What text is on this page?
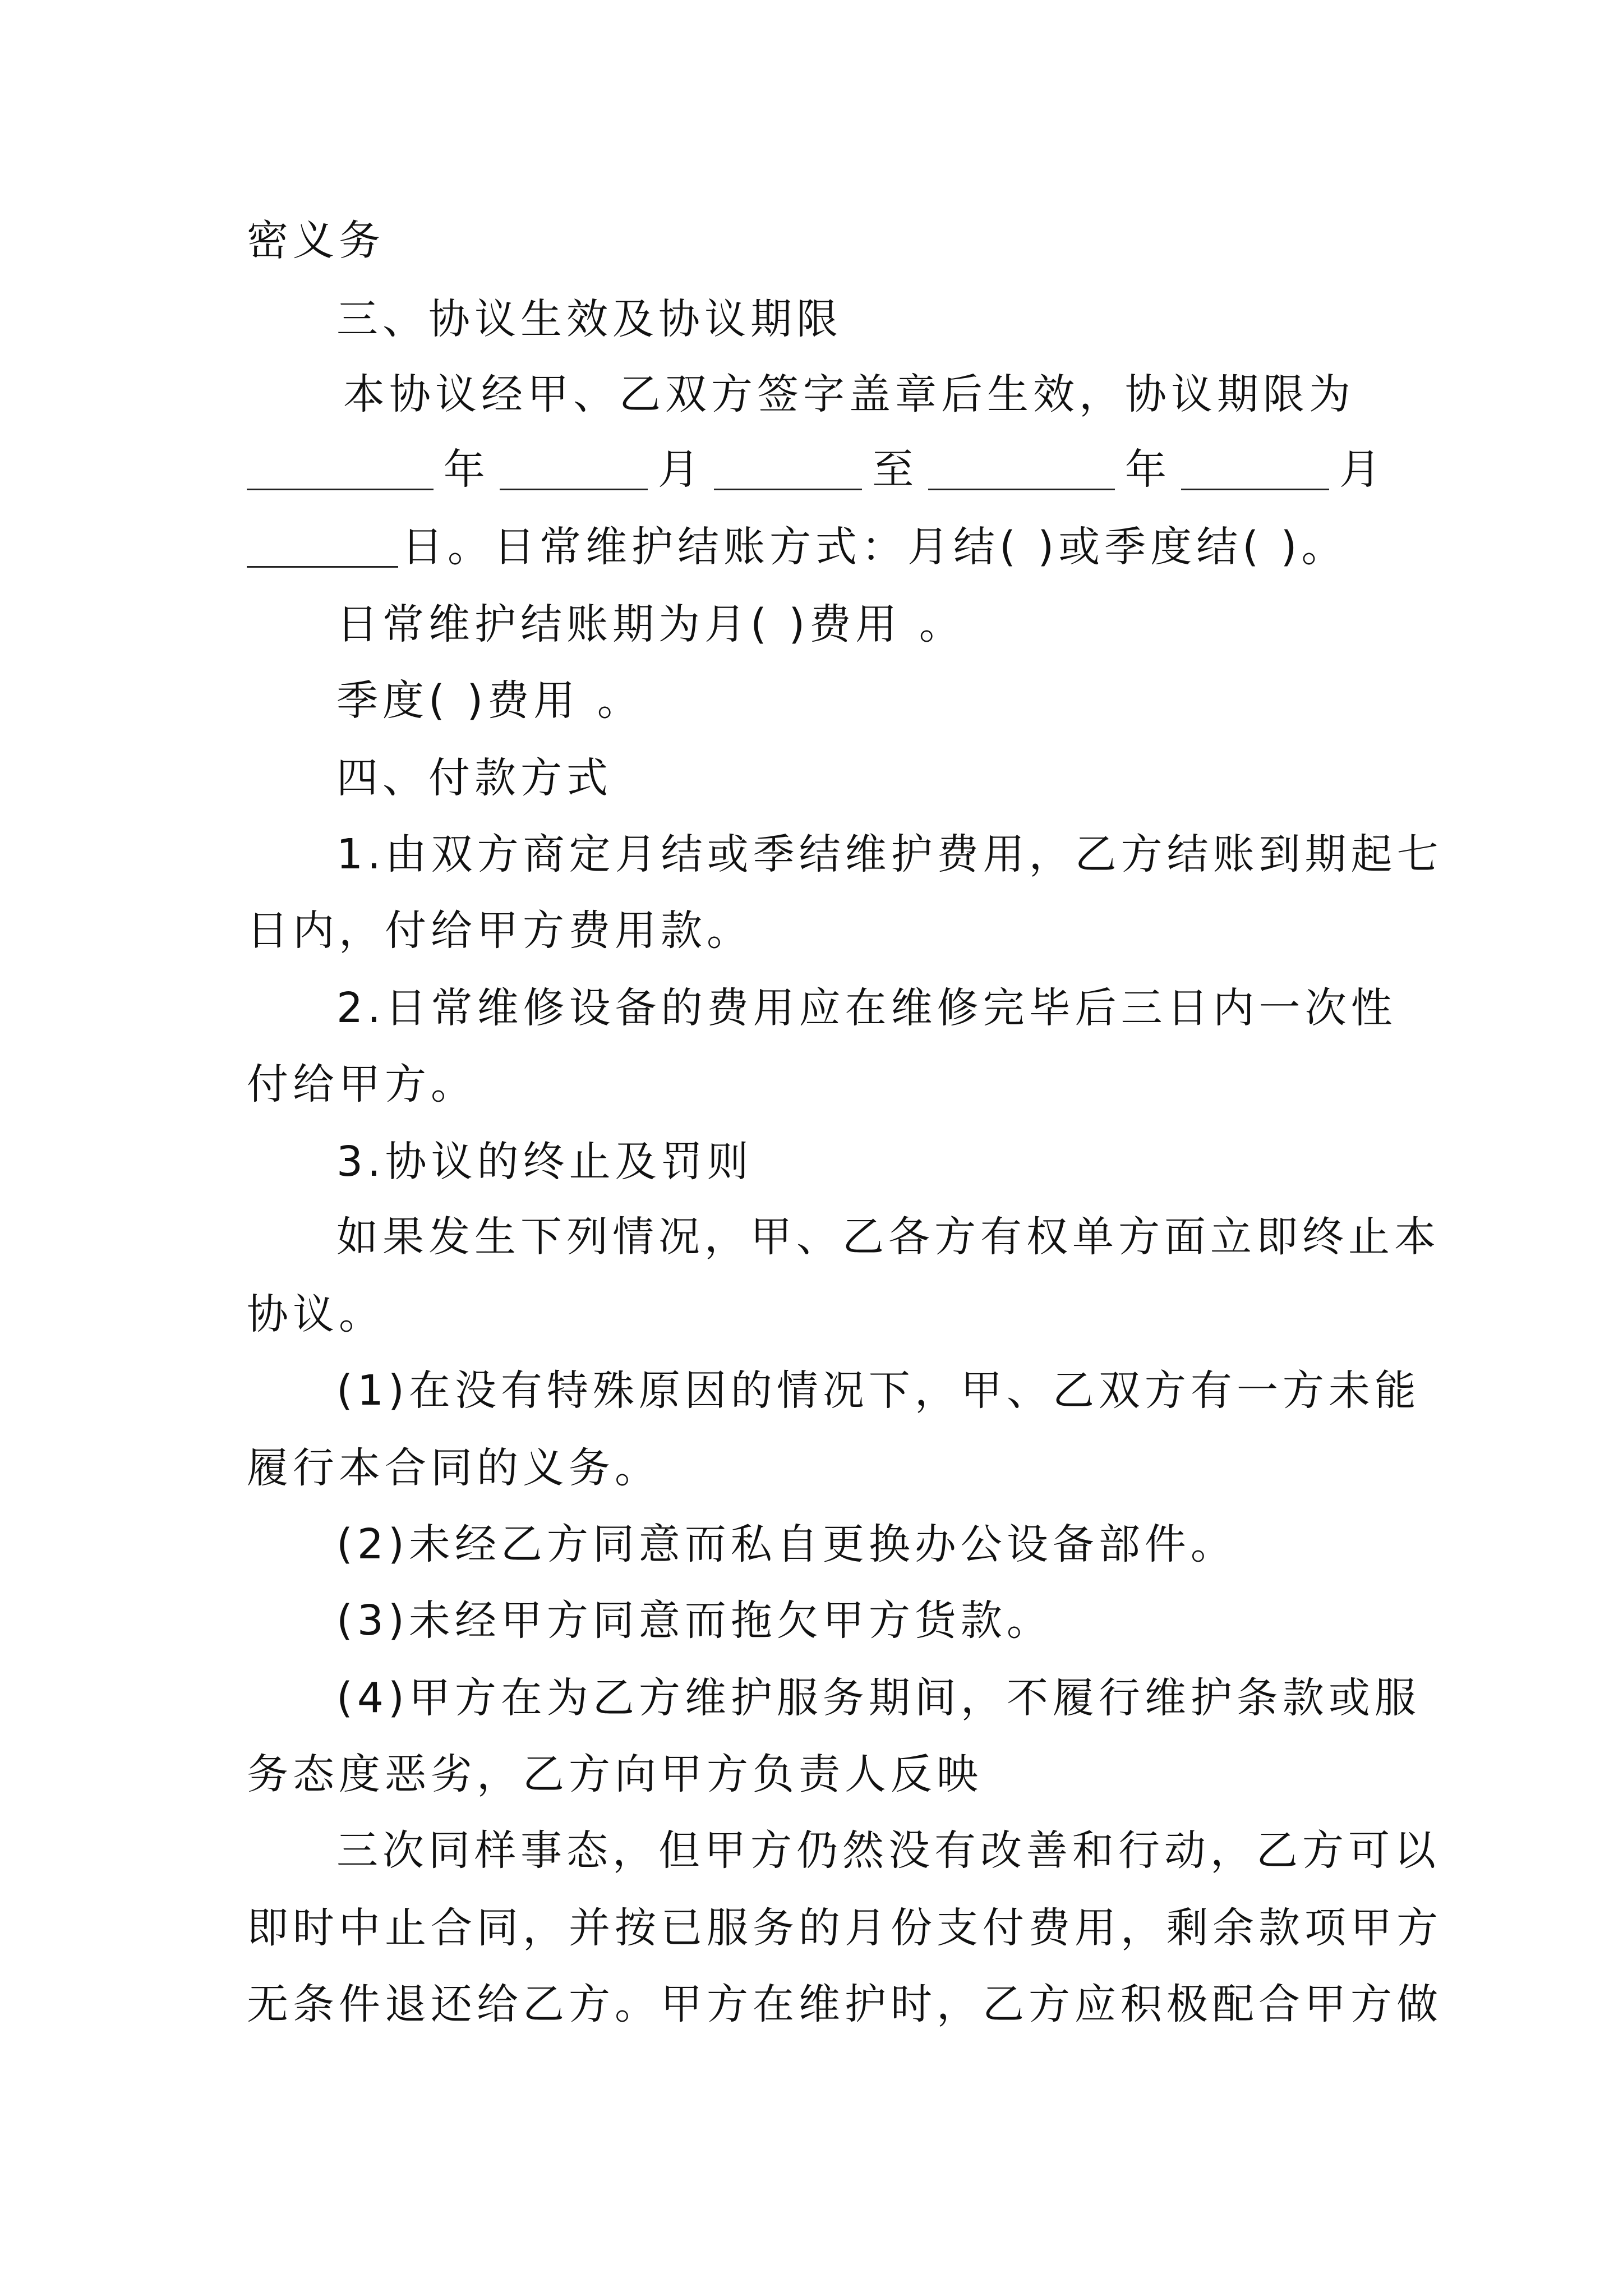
密义务
三、协议生效及协议期限
本协议经甲、乙双方签字盖章后生效，协议期限为
年	月	至	年	月
日。日常维护结账方式：月结( )或季度结( )。
日常维护结账期为月( )费用 。
季度( )费用 。
四、付款方式
1.由双方商定月结或季结维护费用，乙方结账到期起七
日内，付给甲方费用款。
2.日常维修设备的费用应在维修完毕后三日内一次性
付给甲方。
3.协议的终止及罚则
如果发生下列情况，甲、乙各方有权单方面立即终止本
协议。
(1)在没有特殊原因的情况下，甲、乙双方有一方未能
履行本合同的义务。
(2)未经乙方同意而私自更换办公设备部件。
(3)未经甲方同意而拖欠甲方货款。
(4)甲方在为乙方维护服务期间，不履行维护条款或服
务态度恶劣，乙方向甲方负责人反映
三次同样事态，但甲方仍然没有改善和行动，乙方可以
即时中止合同，并按已服务的月份支付费用，剩余款项甲方
无条件退还给乙方。甲方在维护时，乙方应积极配合甲方做
